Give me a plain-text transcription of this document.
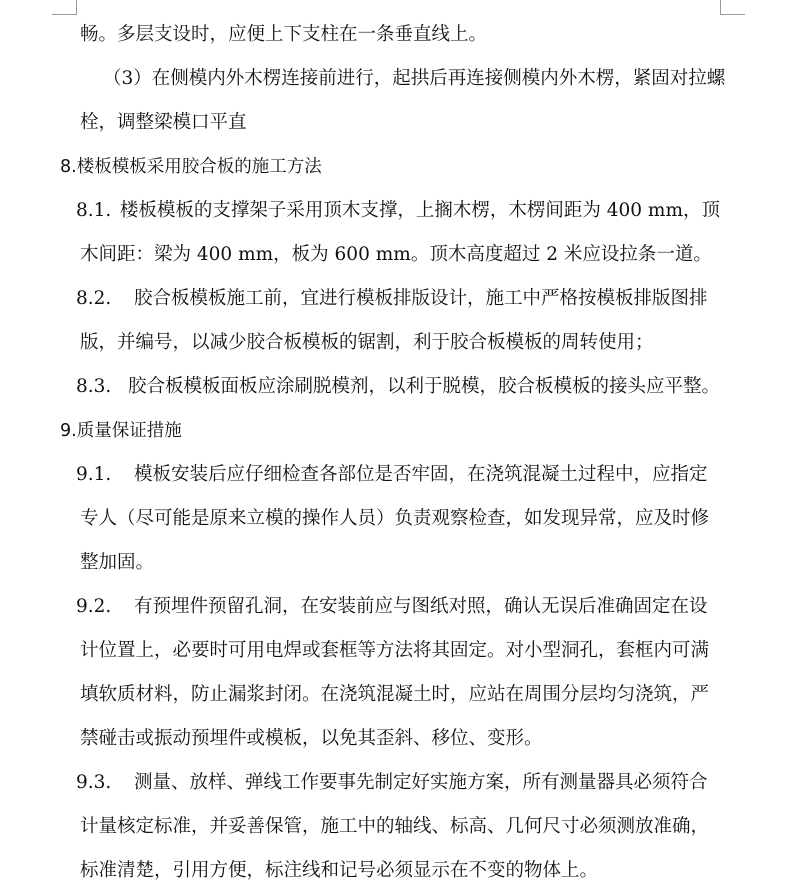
畅。多层支设时，应便上下支柱在一条垂直线上。
（3）在侧模内外木楞连接前进行，起拱后再连接侧模内外木楞，紧固对拉螺
栓，调整梁模口平直
8.楼板模板采用胶合板的施工方法
8.1. 楼板模板的支撑架子采用顶木支撑，上搁木楞，木楞间距为 400 mm，顶
木间距：梁为 400 mm，板为 600 mm。顶木高度超过 2 米应设拉条一道。
8.2.	胶合板模板施工前，宜进行模板排版设计，施工中严格按模板排版图排
版，并编号，以减少胶合板模板的锯割，利于胶合板模板的周转使用；
8.3. 胶合板模板面板应涂刷脱模剂，以利于脱模，胶合板模板的接头应平整。
9.质量保证措施
9.1.	模板安装后应仔细检查各部位是否牢固，在浇筑混凝土过程中，应指定
专人（尽可能是原来立模的操作人员）负责观察检查，如发现异常，应及时修
整加固。
9.2.	有预埋件预留孔洞，在安装前应与图纸对照，确认无误后准确固定在设
计位置上，必要时可用电焊或套框等方法将其固定。对小型洞孔，套框内可满
填软质材料，防止漏浆封闭。在浇筑混凝土时，应站在周围分层均匀浇筑，严
禁碰击或振动预埋件或模板，以免其歪斜、移位、变形。
9.3.	测量、放样、弹线工作要事先制定好实施方案，所有测量器具必须符合
计量核定标准，并妥善保管，施工中的轴线、标高、几何尺寸必须测放准确，
标准清楚，引用方便，标注线和记号必须显示在不变的物体上。
